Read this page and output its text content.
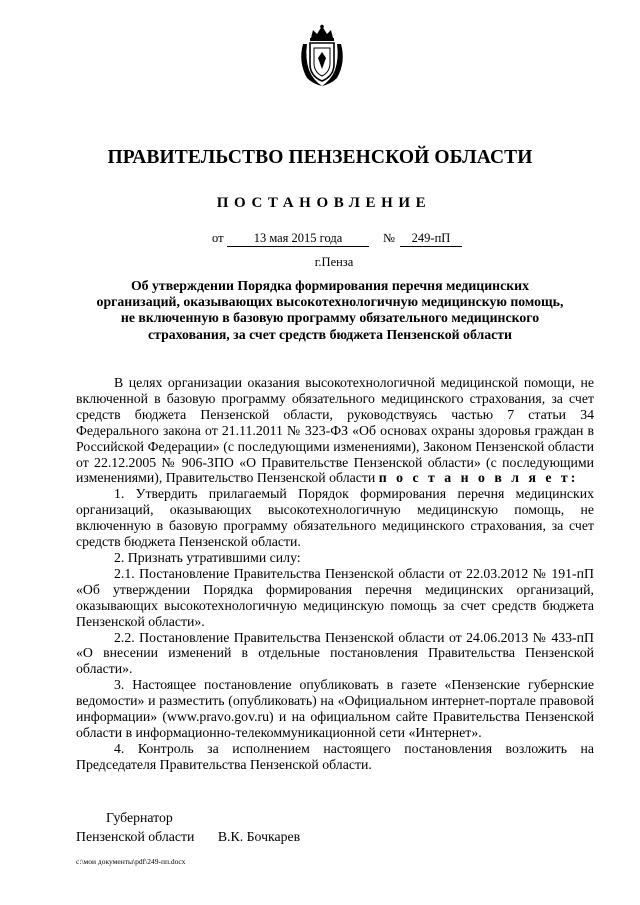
ПРАВИТЕЛЬСТВО ПЕНЗЕНСКОЙ ОБЛАСТИ
ПОСТАНОВЛЕНИЕ
от	13 мая 2015 года	№	249-пП
г.Пенза
Об утверждении Порядка формирования перечня медицинских организаций, оказывающих высокотехнологичную медицинскую помощь, не включенную в базовую программу обязательного медицинского страхования, за счет средств бюджета Пензенской области

В целях организации оказания высокотехнологичной медицинской помощи, не включенной в базовую программу обязательного медицинского страхования, за счет средств бюджета Пензенской области, руководствуясь частью 7 статьи 34 Федерального закона от 21.11.2011 № 323-ФЗ «Об основах охраны здоровья граждан в Российской Федерации» (с последующими изменениями), Законом Пензенской области от 22.12.2005 № 906-ЗПО «О Правительстве Пензенской области» (с последующими изменениями), Правительство Пензенской области п о с т а н о в л я е т:

1. Утвердить прилагаемый Порядок формирования перечня медицинских организаций, оказывающих высокотехнологичную медицинскую помощь, не включенную в базовую программу обязательного медицинского страхования, за счет средств бюджета Пензенской области.

2. Признать утратившими силу:

2.1. Постановление Правительства Пензенской области от 22.03.2012 № 191-пП «Об утверждении Порядка формирования перечня медицинских организаций, оказывающих высокотехнологичную медицинскую помощь за счет средств бюджета Пензенской области».

2.2. Постановление Правительства Пензенской области от 24.06.2013 № 433-пП «О внесении изменений в отдельные постановления Правительства Пензенской области».

3. Настоящее постановление опубликовать в газете «Пензенские губернские ведомости» и разместить (опубликовать) на «Официальном интернет-портале правовой информации» (www.pravo.gov.ru) и на официальном сайте Правительства Пензенской области в информационно-телекоммуникационной сети «Интернет».

4. Контроль за исполнением настоящего постановления возложить на Председателя Правительства Пензенской области.

Губернатор
Пензенской области В.К. Бочкарев
c:\мои документы\pdf\249-пп.docx
